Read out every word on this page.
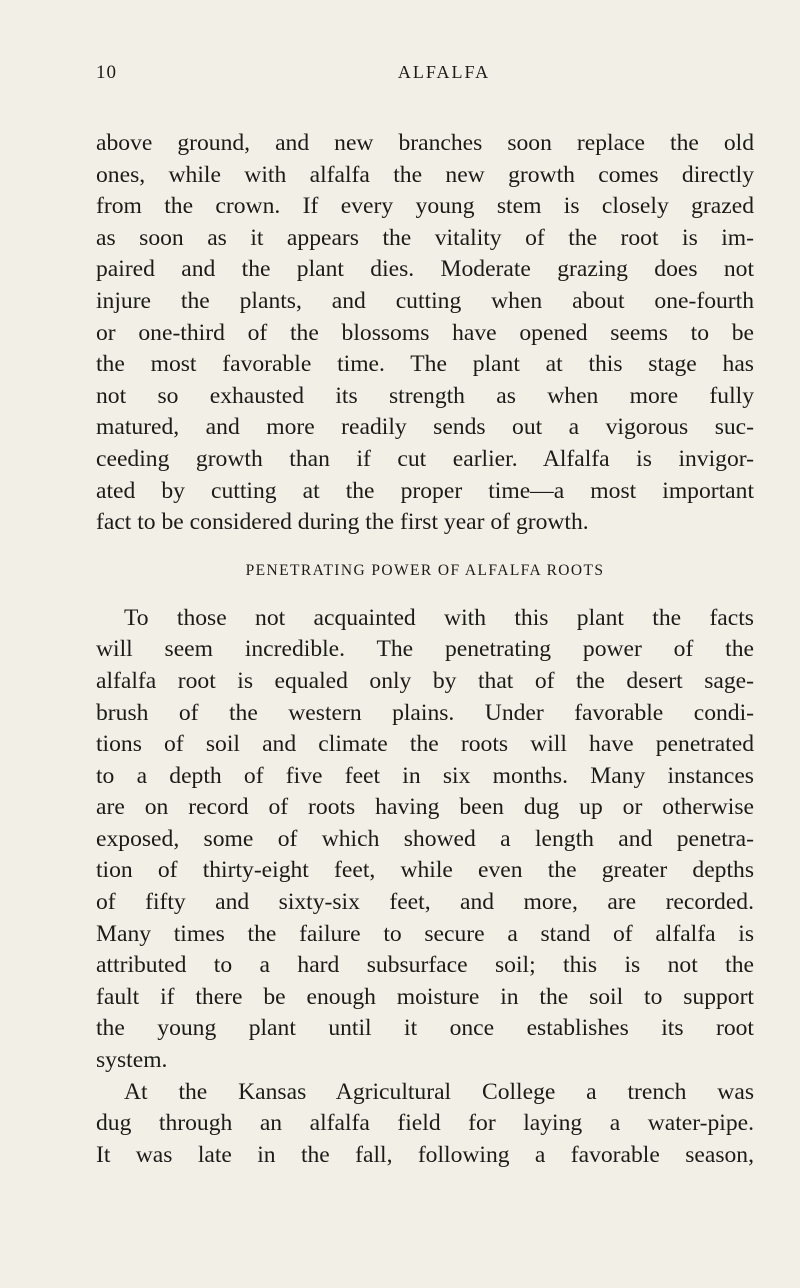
10	ALFALFA
above ground, and new branches soon replace the old
ones, while with alfalfa the new growth comes directly
from the crown. If every young stem is closely grazed
as soon as it appears the vitality of the root is im-
paired and the plant dies. Moderate grazing does not
injure the plants, and cutting when about one-fourth
or one-third of the blossoms have opened seems to be
the most favorable time. The plant at this stage has
not so exhausted its strength as when more fully
matured, and more readily sends out a vigorous suc-
ceeding growth than if cut earlier. Alfalfa is invigor-
ated by cutting at the proper time—a most important
fact to be considered during the first year of growth.
PENETRATING POWER OF ALFALFA ROOTS
To those not acquainted with this plant the facts
will seem incredible. The penetrating power of the
alfalfa root is equaled only by that of the desert sage-
brush of the western plains. Under favorable condi-
tions of soil and climate the roots will have penetrated
to a depth of five feet in six months. Many instances
are on record of roots having been dug up or otherwise
exposed, some of which showed a length and penetra-
tion of thirty-eight feet, while even the greater depths
of fifty and sixty-six feet, and more, are recorded.
Many times the failure to secure a stand of alfalfa is
attributed to a hard subsurface soil; this is not the
fault if there be enough moisture in the soil to support
the young plant until it once establishes its root
system.
At the Kansas Agricultural College a trench was
dug through an alfalfa field for laying a water-pipe.
It was late in the fall, following a favorable season,
